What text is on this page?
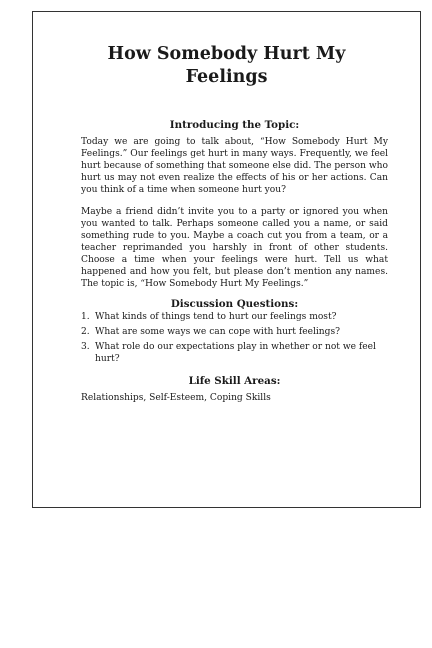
How Somebody Hurt My
Feelings
Introducing the Topic:

Today we are going to talk about, “How Somebody Hurt My Feelings.” Our feelings get hurt in many ways. Frequently, we feel hurt because of something that someone else did. The person who hurt us may not even realize the effects of his or her actions. Can you think of a time when someone hurt you?

Maybe a friend didn’t invite you to a party or ignored you when you wanted to talk. Perhaps someone called you a name, or said something rude to you. Maybe a coach cut you from a team, or a teacher reprimanded you harshly in front of other students. Choose a time when your feelings were hurt. Tell us what happened and how you felt, but please don’t mention any names. The topic is, “How Somebody Hurt My Feelings.”

Discussion Questions:
1. What kinds of things tend to hurt our feelings most?
2. What are some ways we can cope with hurt feelings?
3. What role do our expectations play in whether or not we feel hurt?
Life Skill Areas:

Relationships, Self-Esteem, Coping Skills
